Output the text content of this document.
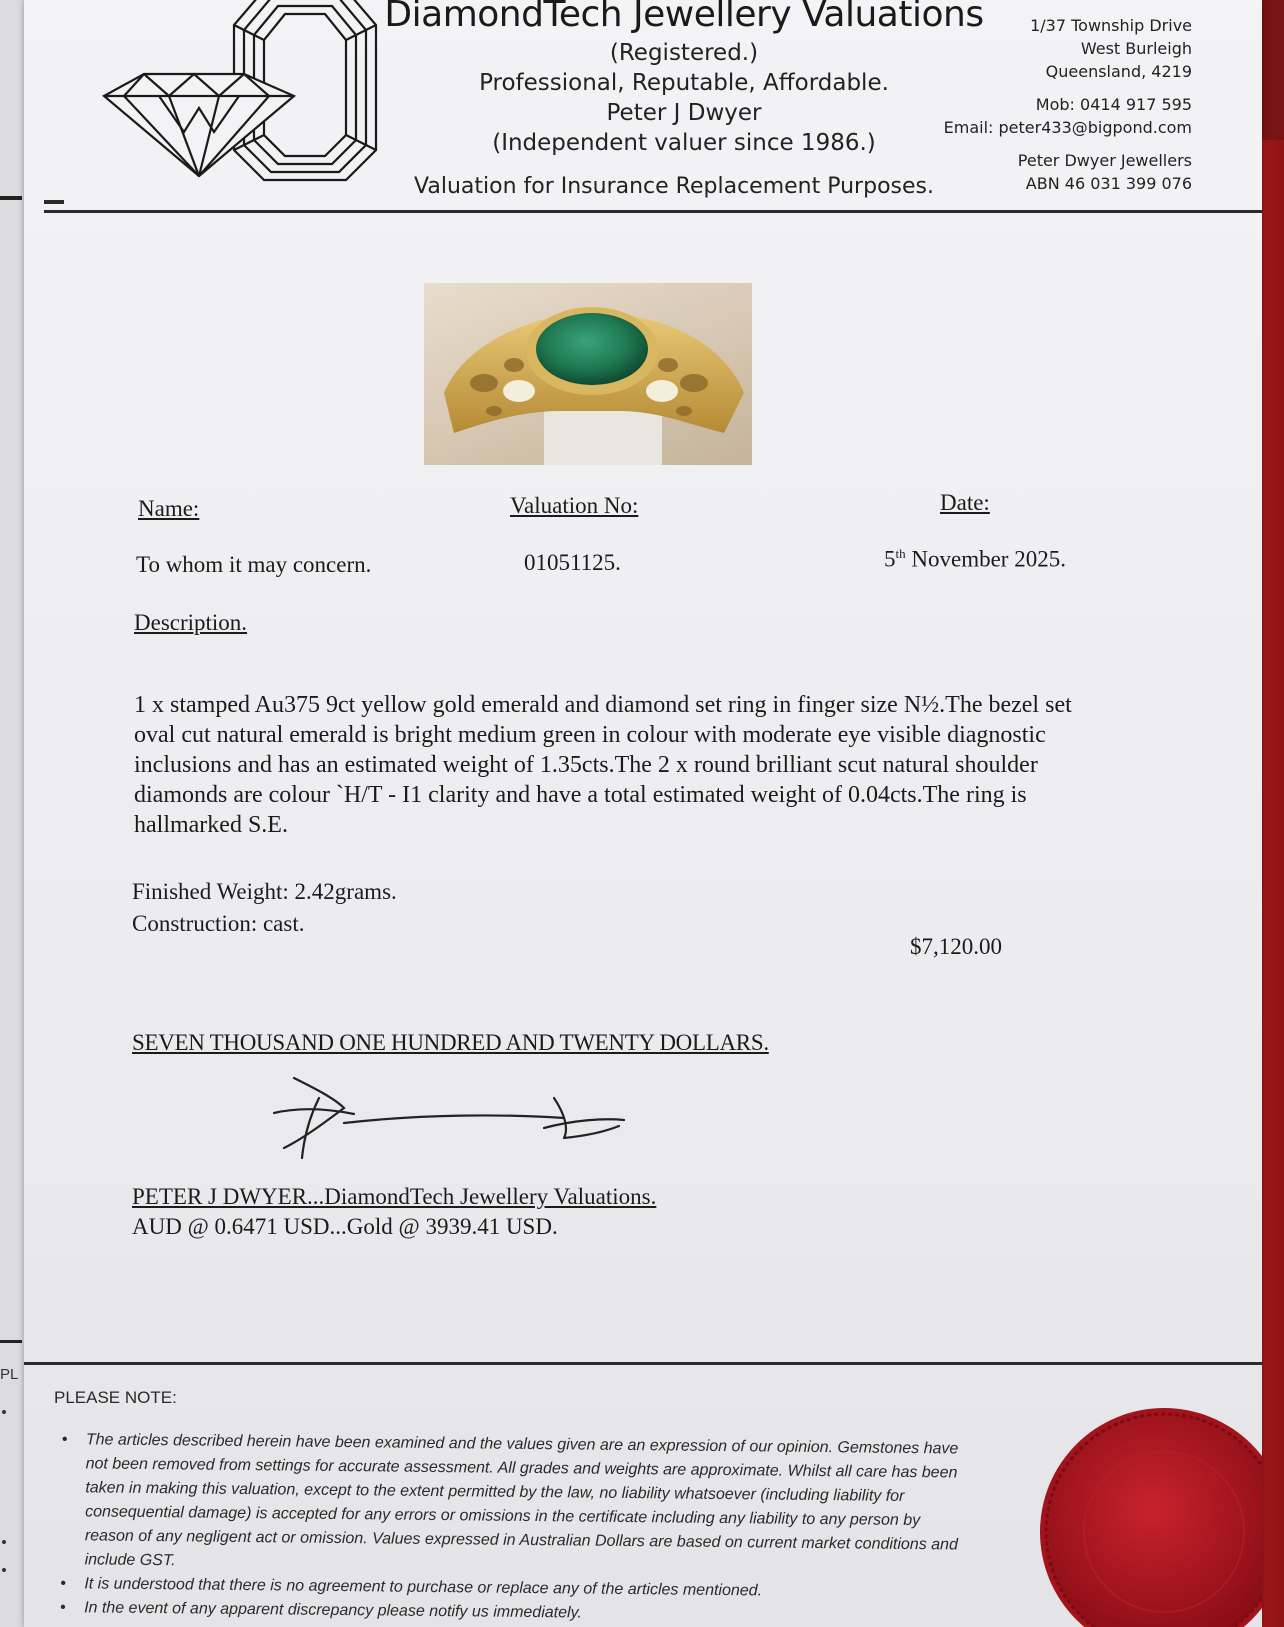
PL
DiamondTech Jewellery Valuations
(Registered.)
Professional, Reputable, Affordable.
Peter J Dwyer
(Independent valuer since 1986.)
Valuation for Insurance Replacement Purposes.
1/37 Township Drive
West Burleigh
Queensland, 4219
Mob: 0414 917 595
Email: peter433@bigpond.com
Peter Dwyer Jewellers
ABN 46 031 399 076
Name:	Valuation No:	Date:
To whom it may concern.	01051125.	5th November 2025.
Description.
1 x stamped Au375 9ct yellow gold emerald and diamond set ring in finger size N½.The bezel set oval cut natural emerald is bright medium green in colour with moderate eye visible diagnostic inclusions and has an estimated weight of 1.35cts.The 2 x round brilliant scut natural shoulder diamonds are colour `H/T - I1 clarity and have a total estimated weight of 0.04cts.The ring is hallmarked S.E.
Finished Weight: 2.42grams.
Construction: cast.
$7,120.00
SEVEN THOUSAND ONE HUNDRED AND TWENTY DOLLARS.
PETER J DWYER...DiamondTech Jewellery Valuations.
AUD @ 0.6471 USD...Gold @ 3939.41 USD.
PLEASE NOTE:
• The articles described herein have been examined and the values given are an expression of our opinion. Gemstones have not been removed from settings for accurate assessment. All grades and weights are approximate. Whilst all care has been taken in making this valuation, except to the extent permitted by the law, no liability whatsoever (including liability for consequential damage) is accepted for any errors or omissions in the certificate including any liability to any person by reason of any negligent act or omission. Values expressed in Australian Dollars are based on current market conditions and include GST.
• It is understood that there is no agreement to purchase or replace any of the articles mentioned.
• In the event of any apparent discrepancy please notify us immediately.
